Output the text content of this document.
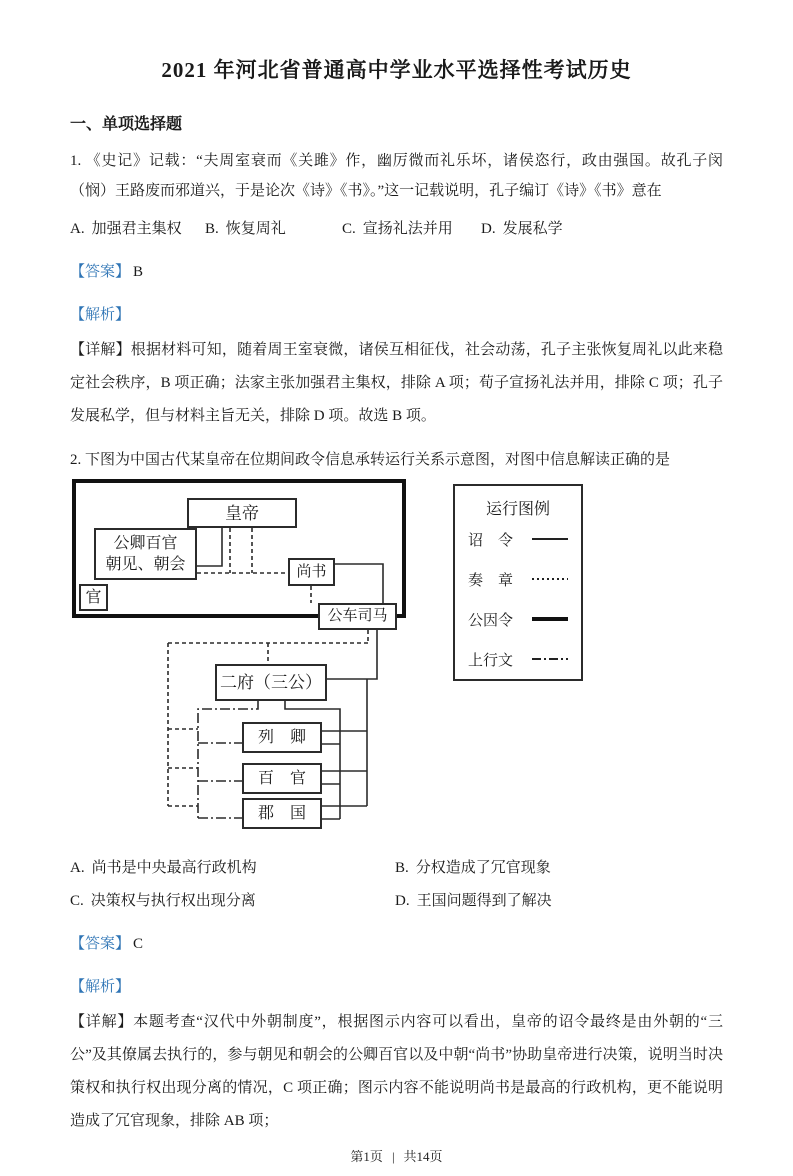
2021 年河北省普通高中学业水平选择性考试历史
一、单项选择题

1. 《史记》记载：“夫周室衰而《关雎》作，幽厉微而礼乐坏，诸侯恣行，政由强国。故孔子闵（悯）王路废而邪道兴，于是论次《诗》《书》。”这一记载说明，孔子编订《诗》《书》意在

A. 加强君主集权	B. 恢复周礼	C. 宣扬礼法并用	D. 发展私学

【答案】 B

【解析】

【详解】根据材料可知，随着周王室衰微，诸侯互相征伐，社会动荡，孔子主张恢复周礼以此来稳定社会秩序，B 项正确；法家主张加强君主集权，排除 A 项；荀子宣扬礼法并用，排除 C 项；孔子发展私学，但与材料主旨无关，排除 D 项。故选 B 项。

2. 下图为中国古代某皇帝在位期间政令信息承转运行关系示意图，对图中信息解读正确的是

皇帝
公卿百官
朝见、朝会
官
尚书
公车司马
二府（三公）
列　卿
百　官
郡　国
运行图例
诏　令
奏　章
公因令
上行文
A. 尚书是中央最高行政机构	B. 分权造成了冗官现象
C. 决策权与执行权出现分离	D. 王国问题得到了解决

【答案】 C

【解析】

【详解】本题考查“汉代中外朝制度”，根据图示内容可以看出，皇帝的诏令最终是由外朝的“三公”及其僚属去执行的，参与朝见和朝会的公卿百官以及中朝“尚书”协助皇帝进行决策，说明当时决策权和执行权出现分离的情况，C 项正确；图示内容不能说明尚书是最高的行政机构，更不能说明造成了冗官现象，排除 AB 项；

第1页 | 共14页
